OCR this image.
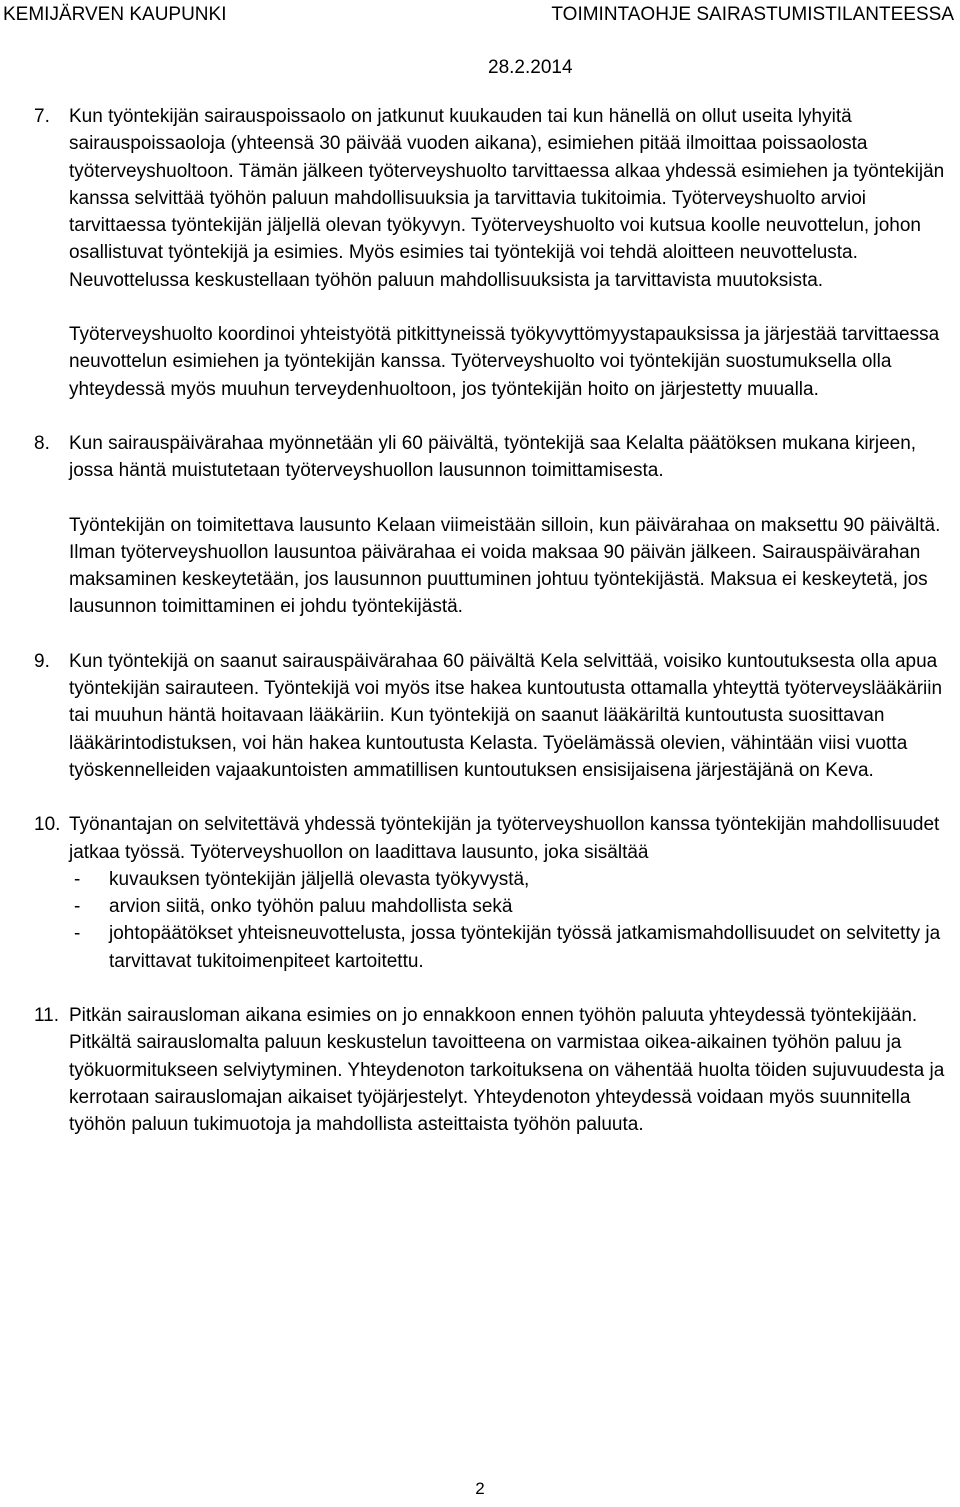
KEMIJÄRVEN KAUPUNKI	TOIMINTAOHJE SAIRASTUMISTILANTEESSA
28.2.2014
7. Kun työntekijän sairauspoissaolo on jatkunut kuukauden tai kun hänellä on ollut useita lyhyitä sairauspoissaoloja (yhteensä 30 päivää vuoden aikana), esimiehen pitää ilmoittaa poissaolosta työterveyshuoltoon. Tämän jälkeen työterveyshuolto tarvittaessa alkaa yhdessä esimiehen ja työntekijän kanssa selvittää työhön paluun mahdollisuuksia ja tarvittavia tukitoimia. Työterveyshuolto arvioi tarvittaessa työntekijän jäljellä olevan työkyvyn. Työterveyshuolto voi kutsua koolle neuvottelun, johon osallistuvat työntekijä ja esimies. Myös esimies tai työntekijä voi tehdä aloitteen neuvottelusta. Neuvottelussa keskustellaan työhön paluun mahdollisuuksista ja tarvittavista muutoksista.

Työterveyshuolto koordinoi yhteistyötä pitkittyneissä työkyvyttömyystapauksissa ja järjestää tarvittaessa neuvottelun esimiehen ja työntekijän kanssa. Työterveyshuolto voi työntekijän suostumuksella olla yhteydessä myös muuhun terveydenhuoltoon, jos työntekijän hoito on järjestetty muualla.

8. Kun sairauspäivärahaa myönnetään yli 60 päivältä, työntekijä saa Kelalta päätöksen mukana kirjeen, jossa häntä muistutetaan työterveyshuollon lausunnon toimittamisesta.

Työntekijän on toimitettava lausunto Kelaan viimeistään silloin, kun päivärahaa on maksettu 90 päivältä. Ilman työterveyshuollon lausuntoa päivärahaa ei voida maksaa 90 päivän jälkeen. Sairauspäivärahan maksaminen keskeytetään, jos lausunnon puuttuminen johtuu työntekijästä. Maksua ei keskeytetä, jos lausunnon toimittaminen ei johdu työntekijästä.

9. Kun työntekijä on saanut sairauspäivärahaa 60 päivältä Kela selvittää, voisiko kuntoutuksesta olla apua työntekijän sairauteen. Työntekijä voi myös itse hakea kuntoutusta ottamalla yhteyttä työterveyslääkäriin tai muuhun häntä hoitavaan lääkäriin. Kun työntekijä on saanut lääkäriltä kuntoutusta suosittavan lääkärintodistuksen, voi hän hakea kuntoutusta Kelasta. Työelämässä olevien, vähintään viisi vuotta työskennelleiden vajaakuntoisten ammatillisen kuntoutuksen ensisijaisena järjestäjänä on Keva.

10. Työnantajan on selvitettävä yhdessä työntekijän ja työterveyshuollon kanssa työntekijän mahdollisuudet jatkaa työssä. Työterveyshuollon on laadittava lausunto, joka sisältää

- kuvauksen työntekijän jäljellä olevasta työkyvystä,
- arvion siitä, onko työhön paluu mahdollista sekä
- johtopäätökset yhteisneuvottelusta, jossa työntekijän työssä jatkamismahdollisuudet on selvitetty ja tarvittavat tukitoimenpiteet kartoitettu.
11. Pitkän sairausloman aikana esimies on jo ennakkoon ennen työhön paluuta yhteydessä työntekijään. Pitkältä sairauslomalta paluun keskustelun tavoitteena on varmistaa oikea-aikainen työhön paluu ja työkuormitukseen selviytyminen. Yhteydenoton tarkoituksena on vähentää huolta töiden sujuvuudesta ja kerrotaan sairauslomajan aikaiset työjärjestelyt. Yhteydenoton yhteydessä voidaan myös suunnitella työhön paluun tukimuotoja ja mahdollista asteittaista työhön paluuta.

2
